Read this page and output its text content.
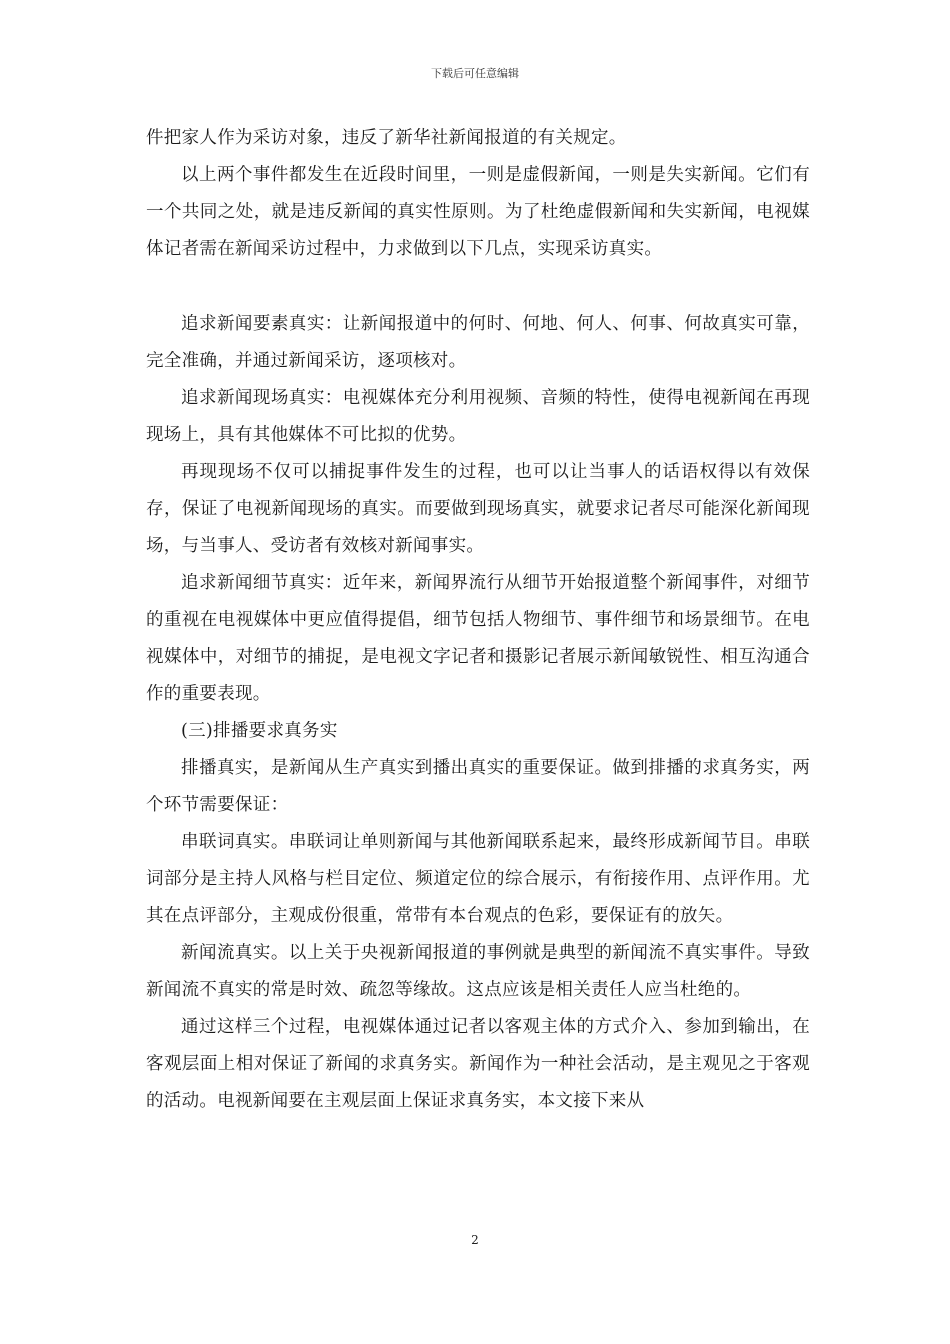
下载后可任意编辑

件把家人作为采访对象，违反了新华社新闻报道的有关规定。

以上两个事件都发生在近段时间里，一则是虚假新闻，一则是失实新闻。它们有一个共同之处，就是违反新闻的真实性原则。为了杜绝虚假新闻和失实新闻，电视媒体记者需在新闻采访过程中，力求做到以下几点，实现采访真实。

追求新闻要素真实：让新闻报道中的何时、何地、何人、何事、何故真实可靠，完全准确，并通过新闻采访，逐项核对。

追求新闻现场真实：电视媒体充分利用视频、音频的特性，使得电视新闻在再现现场上，具有其他媒体不可比拟的优势。

再现现场不仅可以捕捉事件发生的过程，也可以让当事人的话语权得以有效保存，保证了电视新闻现场的真实。而要做到现场真实，就要求记者尽可能深化新闻现场，与当事人、受访者有效核对新闻事实。

追求新闻细节真实：近年来，新闻界流行从细节开始报道整个新闻事件，对细节的重视在电视媒体中更应值得提倡，细节包括人物细节、事件细节和场景细节。在电视媒体中，对细节的捕捉，是电视文字记者和摄影记者展示新闻敏锐性、相互沟通合作的重要表现。

(三)排播要求真务实

排播真实，是新闻从生产真实到播出真实的重要保证。做到排播的求真务实，两个环节需要保证：

串联词真实。串联词让单则新闻与其他新闻联系起来，最终形成新闻节目。串联词部分是主持人风格与栏目定位、频道定位的综合展示，有衔接作用、点评作用。尤其在点评部分，主观成份很重，常带有本台观点的色彩，要保证有的放矢。

新闻流真实。以上关于央视新闻报道的事例就是典型的新闻流不真实事件。导致新闻流不真实的常是时效、疏忽等缘故。这点应该是相关责任人应当杜绝的。

通过这样三个过程，电视媒体通过记者以客观主体的方式介入、参加到输出，在客观层面上相对保证了新闻的求真务实。新闻作为一种社会活动，是主观见之于客观的活动。电视新闻要在主观层面上保证求真务实，本文接下来从

2
